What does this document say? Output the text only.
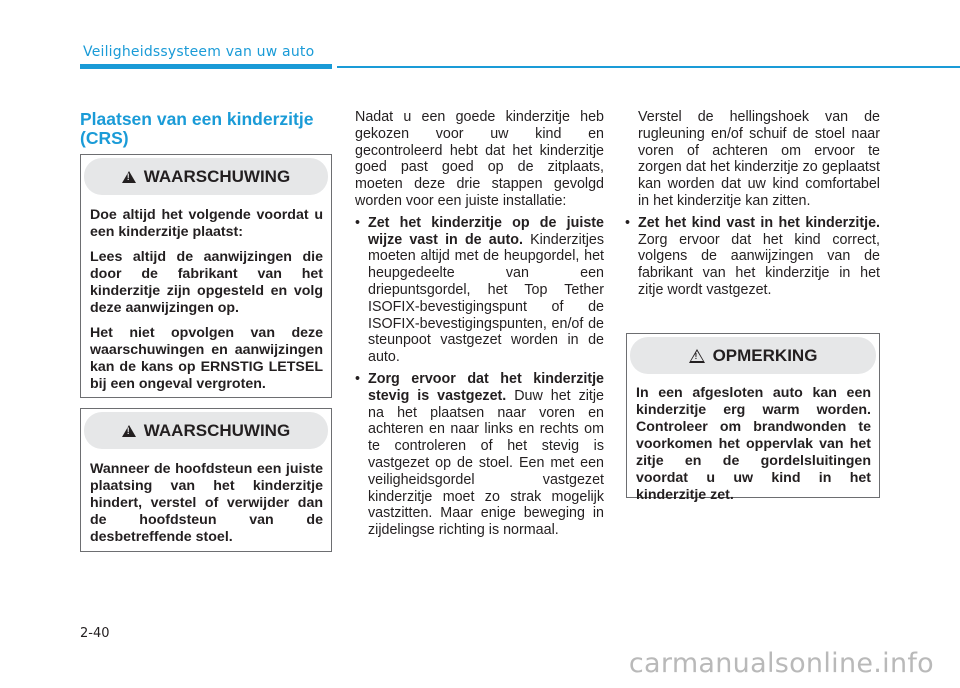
Veiligheidssysteem van uw auto
Plaatsen van een kinderzitje (CRS)
!
WAARSCHUWING

Doe altijd het volgende voordat u een kinderzitje plaatst:

Lees altijd de aanwijzingen die door de fabrikant van het kinderzitje zijn opgesteld en volg deze aanwijzingen op.

Het niet opvolgen van deze waarschuwingen en aanwijzingen kan de kans op ERNSTIG LETSEL bij een ongeval vergroten.

!
WAARSCHUWING

Wanneer de hoofdsteun een juiste plaatsing van het kinderzitje hindert, verstel of verwijder dan de hoofdsteun van de desbetreffende stoel.

Nadat u een goede kinderzitje heb gekozen voor uw kind en gecontroleerd hebt dat het kinderzitje goed past goed op de zitplaats, moeten deze drie stappen gevolgd worden voor een juiste installatie:

• Zet het kinderzitje op de juiste wijze vast in de auto. Kinderzitjes moeten altijd met de heupgordel, het heupgedeelte van een driepuntsgordel, het Top Tether ISOFIX-bevestigingspunt of de ISOFIX-bevestigingspunten, en/of de steunpoot vastgezet worden in de auto.
• Zorg ervoor dat het kinderzitje stevig is vastgezet. Duw het zitje na het plaatsen naar voren en achteren en naar links en rechts om te controleren of het stevig is vastgezet op de stoel. Een met een veiligheidsgordel vastgezet kinderzitje moet zo strak mogelijk vastzitten. Maar enige beweging in zijdelingse richting is normaal.

Verstel de hellingshoek van de rugleuning en/of schuif de stoel naar voren of achteren om ervoor te zorgen dat het kinderzitje zo geplaatst kan worden dat uw kind comfortabel in het kinderzitje kan zitten.

• Zet het kind vast in het kinderzitje. Zorg ervoor dat het kind correct, volgens de aanwijzingen van de fabrikant van het kinderzitje in het zitje wordt vastgezet.
!
OPMERKING

In een afgesloten auto kan een kinderzitje erg warm worden. Controleer om brandwonden te voorkomen het oppervlak van het zitje en de gordelsluitingen voordat u uw kind in het kinderzitje zet.

2-40
carmanualsonline.info
